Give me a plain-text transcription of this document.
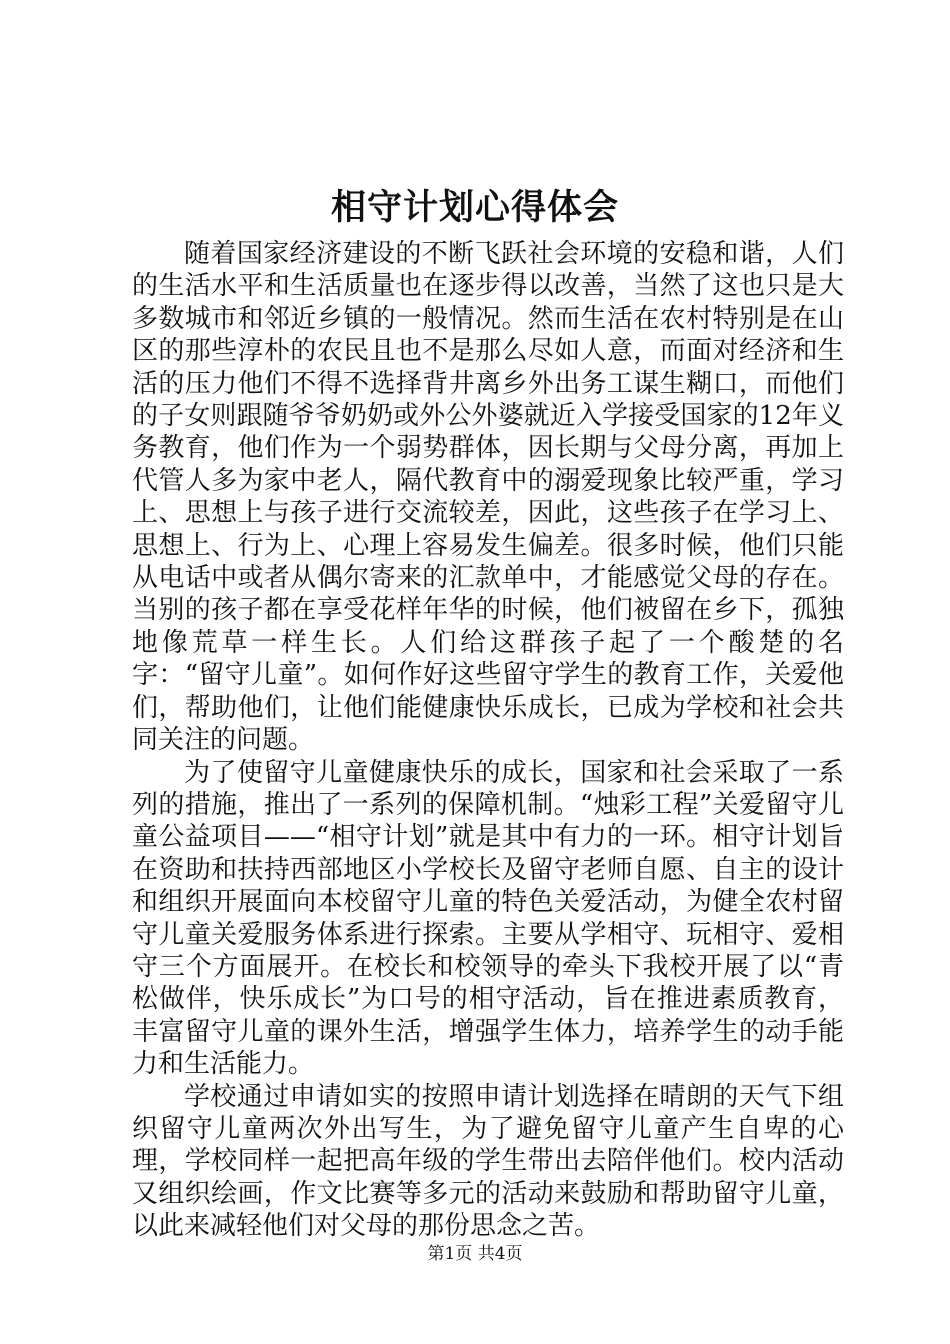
相守计划心得体会

随着国家经济建设的不断飞跃社会环境的安稳和谐，人们的生活水平和生活质量也在逐步得以改善，当然了这也只是大多数城市和邻近乡镇的一般情况。然而生活在农村特别是在山区的那些淳朴的农民且也不是那么尽如人意，而面对经济和生活的压力他们不得不选择背井离乡外出务工谋生糊口，而他们的子女则跟随爷爷奶奶或外公外婆就近入学接受国家的12年义务教育，他们作为一个弱势群体，因长期与父母分离，再加上代管人多为家中老人，隔代教育中的溺爱现象比较严重，学习上、思想上与孩子进行交流较差，因此，这些孩子在学习上、思想上、行为上、心理上容易发生偏差。很多时候，他们只能从电话中或者从偶尔寄来的汇款单中，才能感觉父母的存在。当别的孩子都在享受花样年华的时候，他们被留在乡下，孤独地像荒草一样生长。人们给这群孩子起了一个酸楚的名字：“留守儿童”。如何作好这些留守学生的教育工作，关爱他们，帮助他们，让他们能健康快乐成长，已成为学校和社会共同关注的问题。

为了使留守儿童健康快乐的成长，国家和社会采取了一系列的措施，推出了一系列的保障机制。“烛彩工程”关爱留守儿童公益项目——“相守计划”就是其中有力的一环。相守计划旨在资助和扶持西部地区小学校长及留守老师自愿、自主的设计和组织开展面向本校留守儿童的特色关爱活动，为健全农村留守儿童关爱服务体系进行探索。主要从学相守、玩相守、爱相守三个方面展开。在校长和校领导的牵头下我校开展了以“青松做伴，快乐成长”为口号的相守活动，旨在推进素质教育，丰富留守儿童的课外生活，增强学生体力，培养学生的动手能力和生活能力。

学校通过申请如实的按照申请计划选择在晴朗的天气下组织留守儿童两次外出写生，为了避免留守儿童产生自卑的心理，学校同样一起把高年级的学生带出去陪伴他们。校内活动又组织绘画，作文比赛等多元的活动来鼓励和帮助留守儿童，以此来减轻他们对父母的那份思念之苦。

第1页 共4页
